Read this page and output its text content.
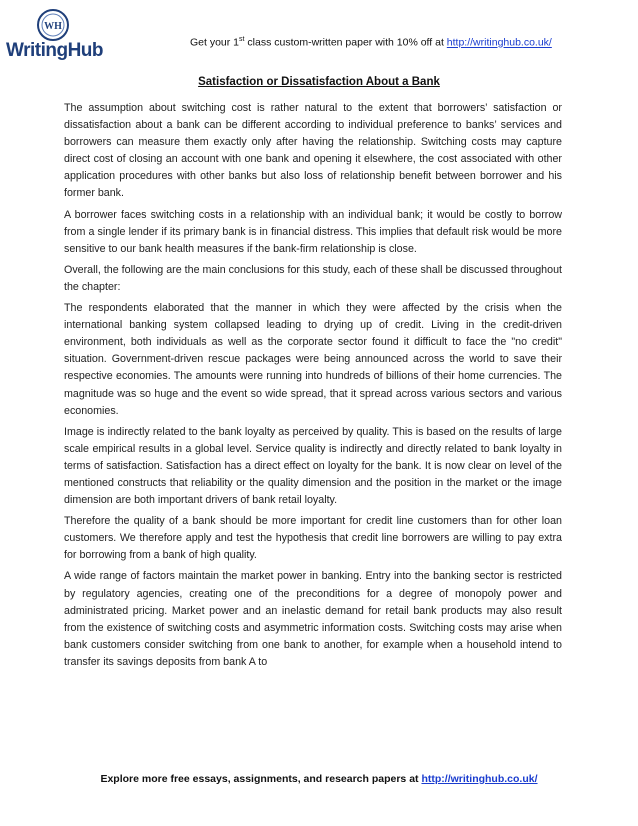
WH
WritingHub	Get your 1st class custom-written paper with 10% off at http://writinghub.co.uk/
Satisfaction or Dissatisfaction About a Bank

The assumption about switching cost is rather natural to the extent that borrowers’ satisfaction or dissatisfaction about a bank can be different according to individual preference to banks’ services and borrowers can measure them exactly only after having the relationship. Switching costs may capture direct cost of closing an account with one bank and opening it elsewhere, the cost associated with other application procedures with other banks but also loss of relationship benefit between borrower and his former bank.

A borrower faces switching costs in a relationship with an individual bank; it would be costly to borrow from a single lender if its primary bank is in financial distress. This implies that default risk would be more sensitive to our bank health measures if the bank-firm relationship is close.

Overall, the following are the main conclusions for this study, each of these shall be discussed throughout the chapter:

The respondents elaborated that the manner in which they were affected by the crisis when the international banking system collapsed leading to drying up of credit. Living in the credit-driven environment, both individuals as well as the corporate sector found it difficult to face the "no credit" situation. Government-driven rescue packages were being announced across the world to save their respective economies. The amounts were running into hundreds of billions of their home currencies. The magnitude was so huge and the event so wide spread, that it spread across various sectors and various economies.

Image is indirectly related to the bank loyalty as perceived by quality. This is based on the results of large scale empirical results in a global level. Service quality is indirectly and directly related to bank loyalty in terms of satisfaction. Satisfaction has a direct effect on loyalty for the bank. It is now clear on level of the mentioned constructs that reliability or the quality dimension and the position in the market or the image dimension are both important drivers of bank retail loyalty.

Therefore the quality of a bank should be more important for credit line customers than for other loan customers. We therefore apply and test the hypothesis that credit line borrowers are willing to pay extra for borrowing from a bank of high quality.

A wide range of factors maintain the market power in banking. Entry into the banking sector is restricted by regulatory agencies, creating one of the preconditions for a degree of monopoly power and administrated pricing. Market power and an inelastic demand for retail bank products may also result from the existence of switching costs and asymmetric information costs. Switching costs may arise when bank customers consider switching from one bank to another, for example when a household intend to transfer its savings deposits from bank A to

Explore more free essays, assignments, and research papers at http://writinghub.co.uk/
